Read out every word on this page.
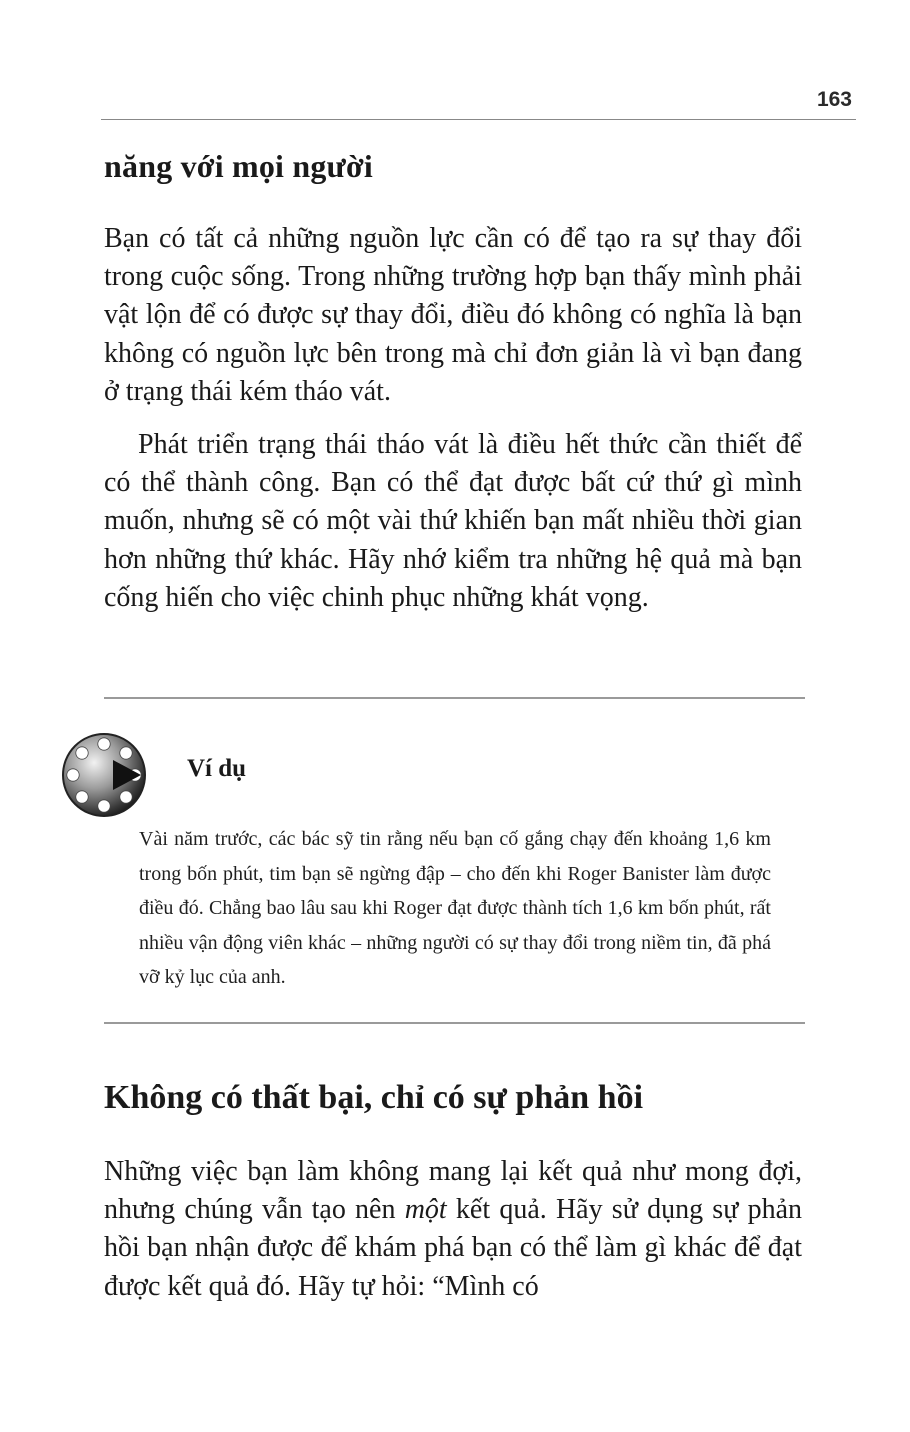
163
năng với mọi người

Bạn có tất cả những nguồn lực cần có để tạo ra sự thay đổi trong cuộc sống. Trong những trường hợp bạn thấy mình phải vật lộn để có được sự thay đổi, điều đó không có nghĩa là bạn không có nguồn lực bên trong mà chỉ đơn giản là vì bạn đang ở trạng thái kém tháo vát.

Phát triển trạng thái tháo vát là điều hết thức cần thiết để có thể thành công. Bạn có thể đạt được bất cứ thứ gì mình muốn, nhưng sẽ có một vài thứ khiến bạn mất nhiều thời gian hơn những thứ khác. Hãy nhớ kiểm tra những hệ quả mà bạn cống hiến cho việc chinh phục những khát vọng.

Ví dụ

Vài năm trước, các bác sỹ tin rằng nếu bạn cố gắng chạy đến khoảng 1,6 km trong bốn phút, tim bạn sẽ ngừng đập – cho đến khi Roger Banister làm được điều đó. Chẳng bao lâu sau khi Roger đạt được thành tích 1,6 km bốn phút, rất nhiều vận động viên khác – những người có sự thay đổi trong niềm tin, đã phá vỡ kỷ lục của anh.

Không có thất bại, chỉ có sự phản hồi

Những việc bạn làm không mang lại kết quả như mong đợi, nhưng chúng vẫn tạo nên một kết quả. Hãy sử dụng sự phản hồi bạn nhận được để khám phá bạn có thể làm gì khác để đạt được kết quả đó. Hãy tự hỏi: “Mình có
